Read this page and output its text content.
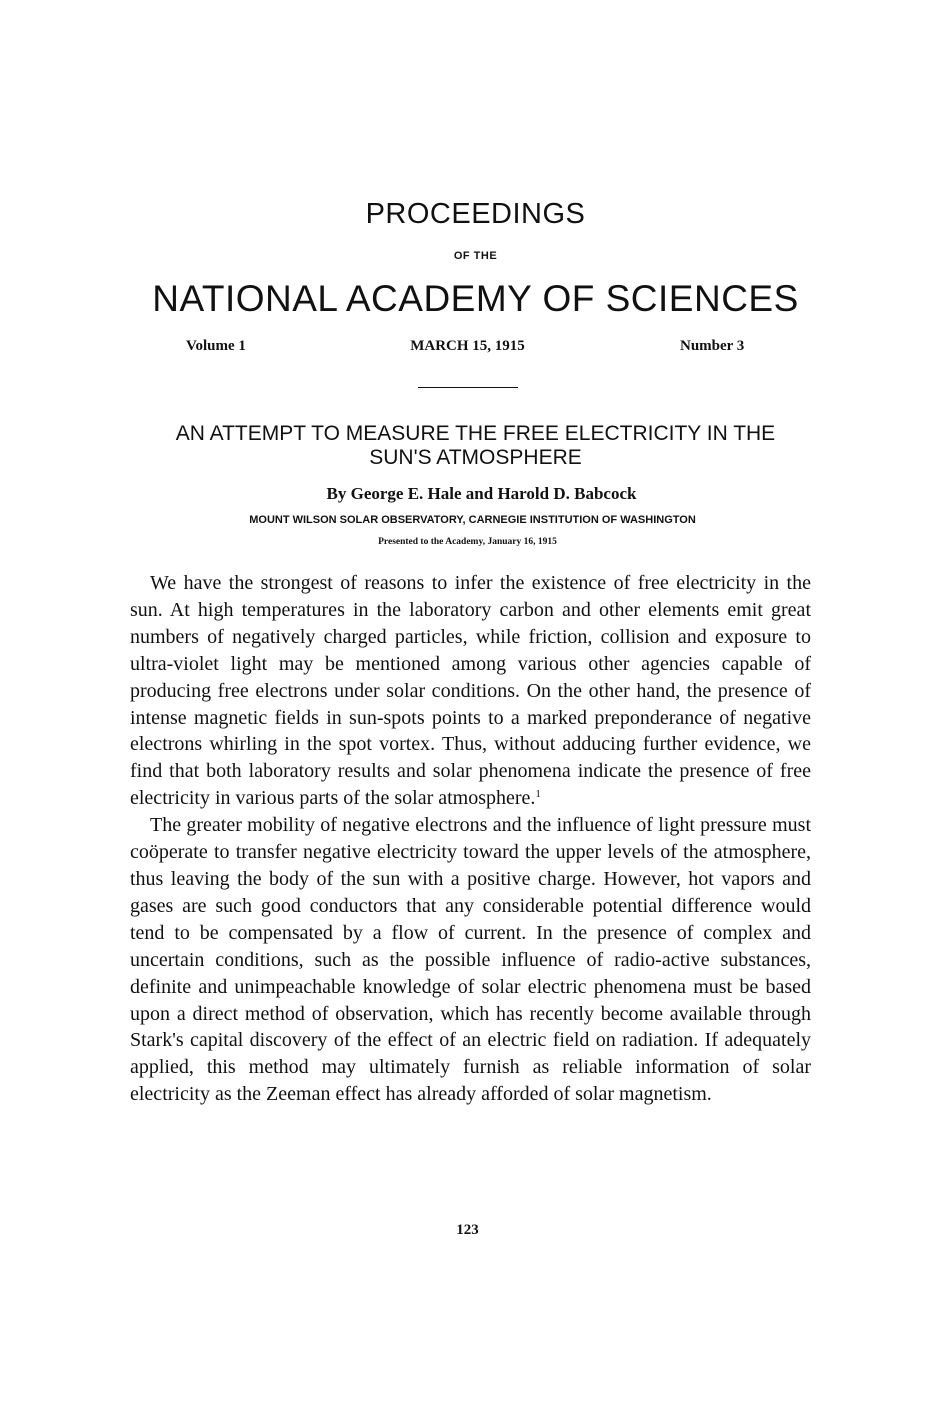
PROCEEDINGS
OF THE
NATIONAL ACADEMY OF SCIENCES
Volume 1	MARCH 15, 1915	Number 3
AN ATTEMPT TO MEASURE THE FREE ELECTRICITY IN THE
SUN'S ATMOSPHERE
By George E. Hale and Harold D. Babcock
MOUNT WILSON SOLAR OBSERVATORY, CARNEGIE INSTITUTION OF WASHINGTON
Presented to the Academy, January 16, 1915

We have the strongest of reasons to infer the existence of free electricity in the sun. At high temperatures in the laboratory carbon and other elements emit great numbers of negatively charged particles, while friction, collision and exposure to ultra-violet light may be mentioned among various other agencies capable of producing free electrons under solar conditions. On the other hand, the presence of intense magnetic fields in sun-spots points to a marked preponderance of negative electrons whirling in the spot vortex. Thus, without adducing further evidence, we find that both laboratory results and solar phenomena indicate the presence of free electricity in various parts of the solar atmosphere.$^1$

The greater mobility of negative electrons and the influence of light pressure must coöperate to transfer negative electricity toward the upper levels of the atmosphere, thus leaving the body of the sun with a positive charge. However, hot vapors and gases are such good conductors that any considerable potential difference would tend to be compensated by a flow of current. In the presence of complex and uncertain conditions, such as the possible influence of radio-active substances, definite and unimpeachable knowledge of solar electric phenomena must be based upon a direct method of observation, which has recently become available through Stark's capital discovery of the effect of an electric field on radiation. If adequately applied, this method may ultimately furnish as reliable information of solar electricity as the Zeeman effect has already afforded of solar magnetism.

123
